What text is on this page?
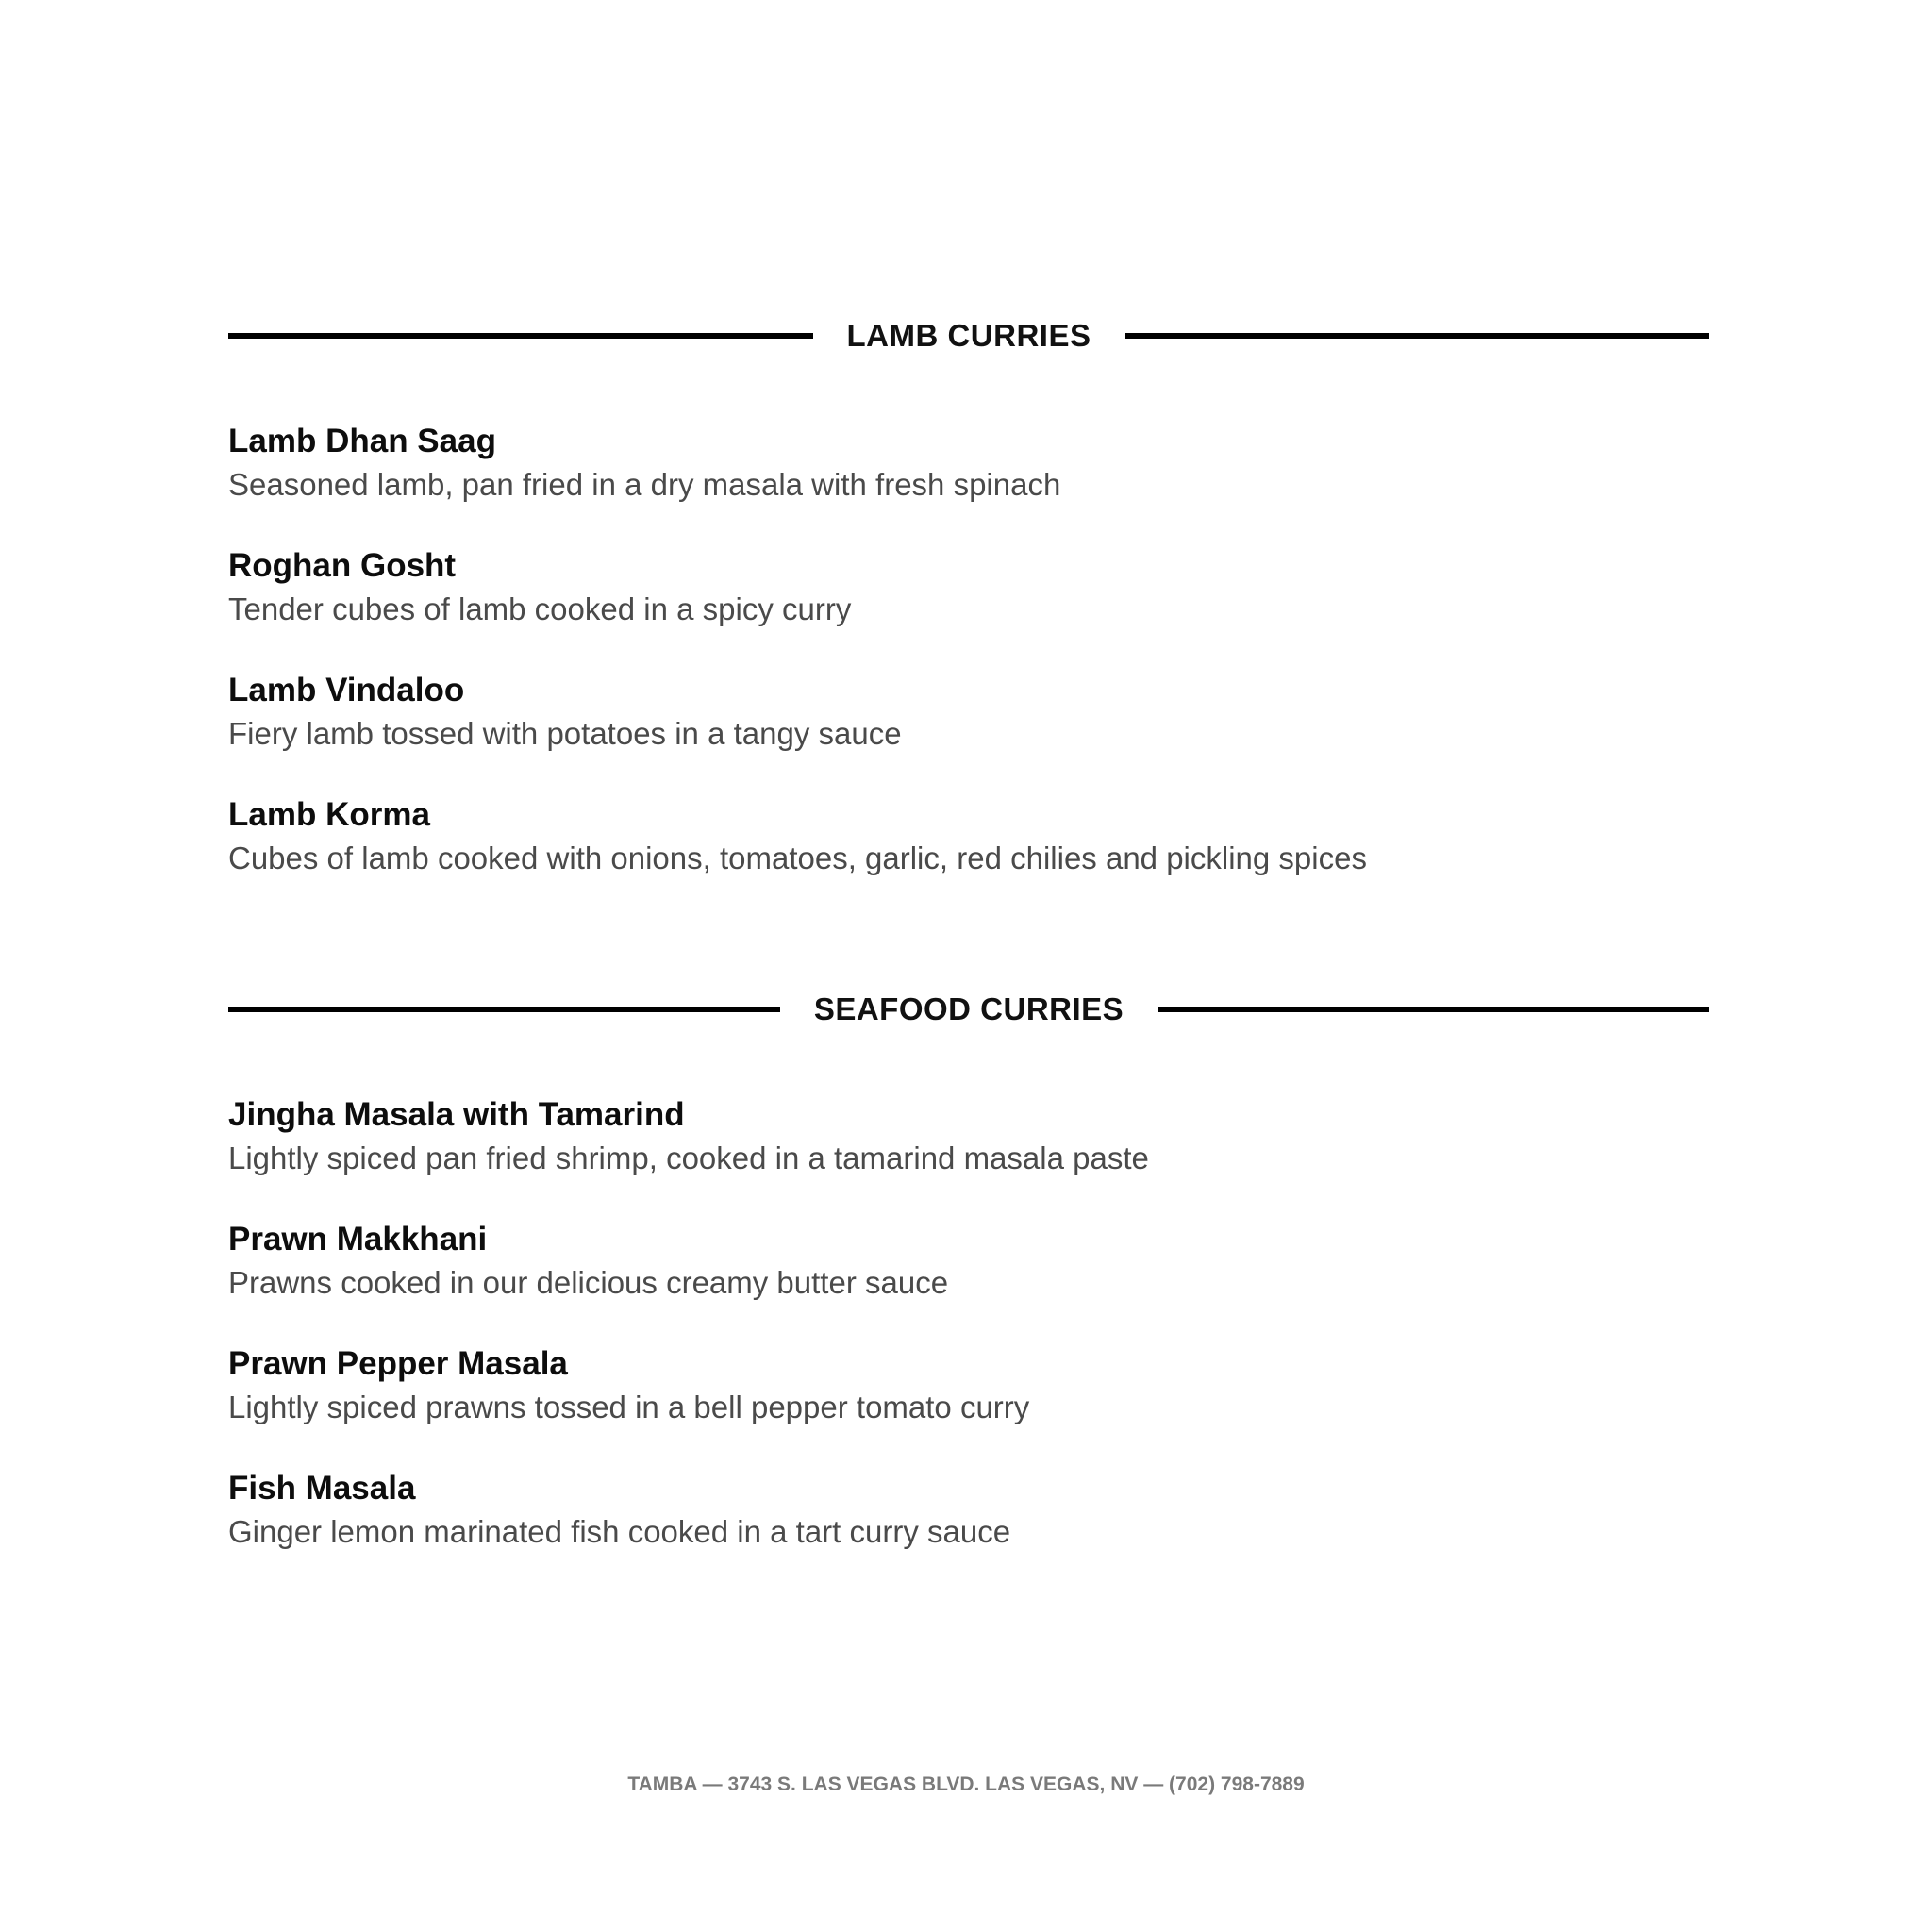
LAMB CURRIES
Lamb Dhan Saag
Seasoned lamb, pan fried in a dry masala with fresh spinach
Roghan Gosht
Tender cubes of lamb cooked in a spicy curry
Lamb Vindaloo
Fiery lamb tossed with potatoes in a tangy sauce
Lamb Korma
Cubes of lamb cooked with onions, tomatoes, garlic, red chilies and pickling spices
SEAFOOD CURRIES
Jingha Masala with Tamarind
Lightly spiced pan fried shrimp, cooked in a tamarind masala paste
Prawn Makkhani
Prawns cooked in our delicious creamy butter sauce
Prawn Pepper Masala
Lightly spiced prawns tossed in a bell pepper tomato curry
Fish Masala
Ginger lemon marinated fish cooked in a tart curry sauce
TAMBA — 3743 S. LAS VEGAS BLVD. LAS VEGAS, NV — (702) 798-7889
